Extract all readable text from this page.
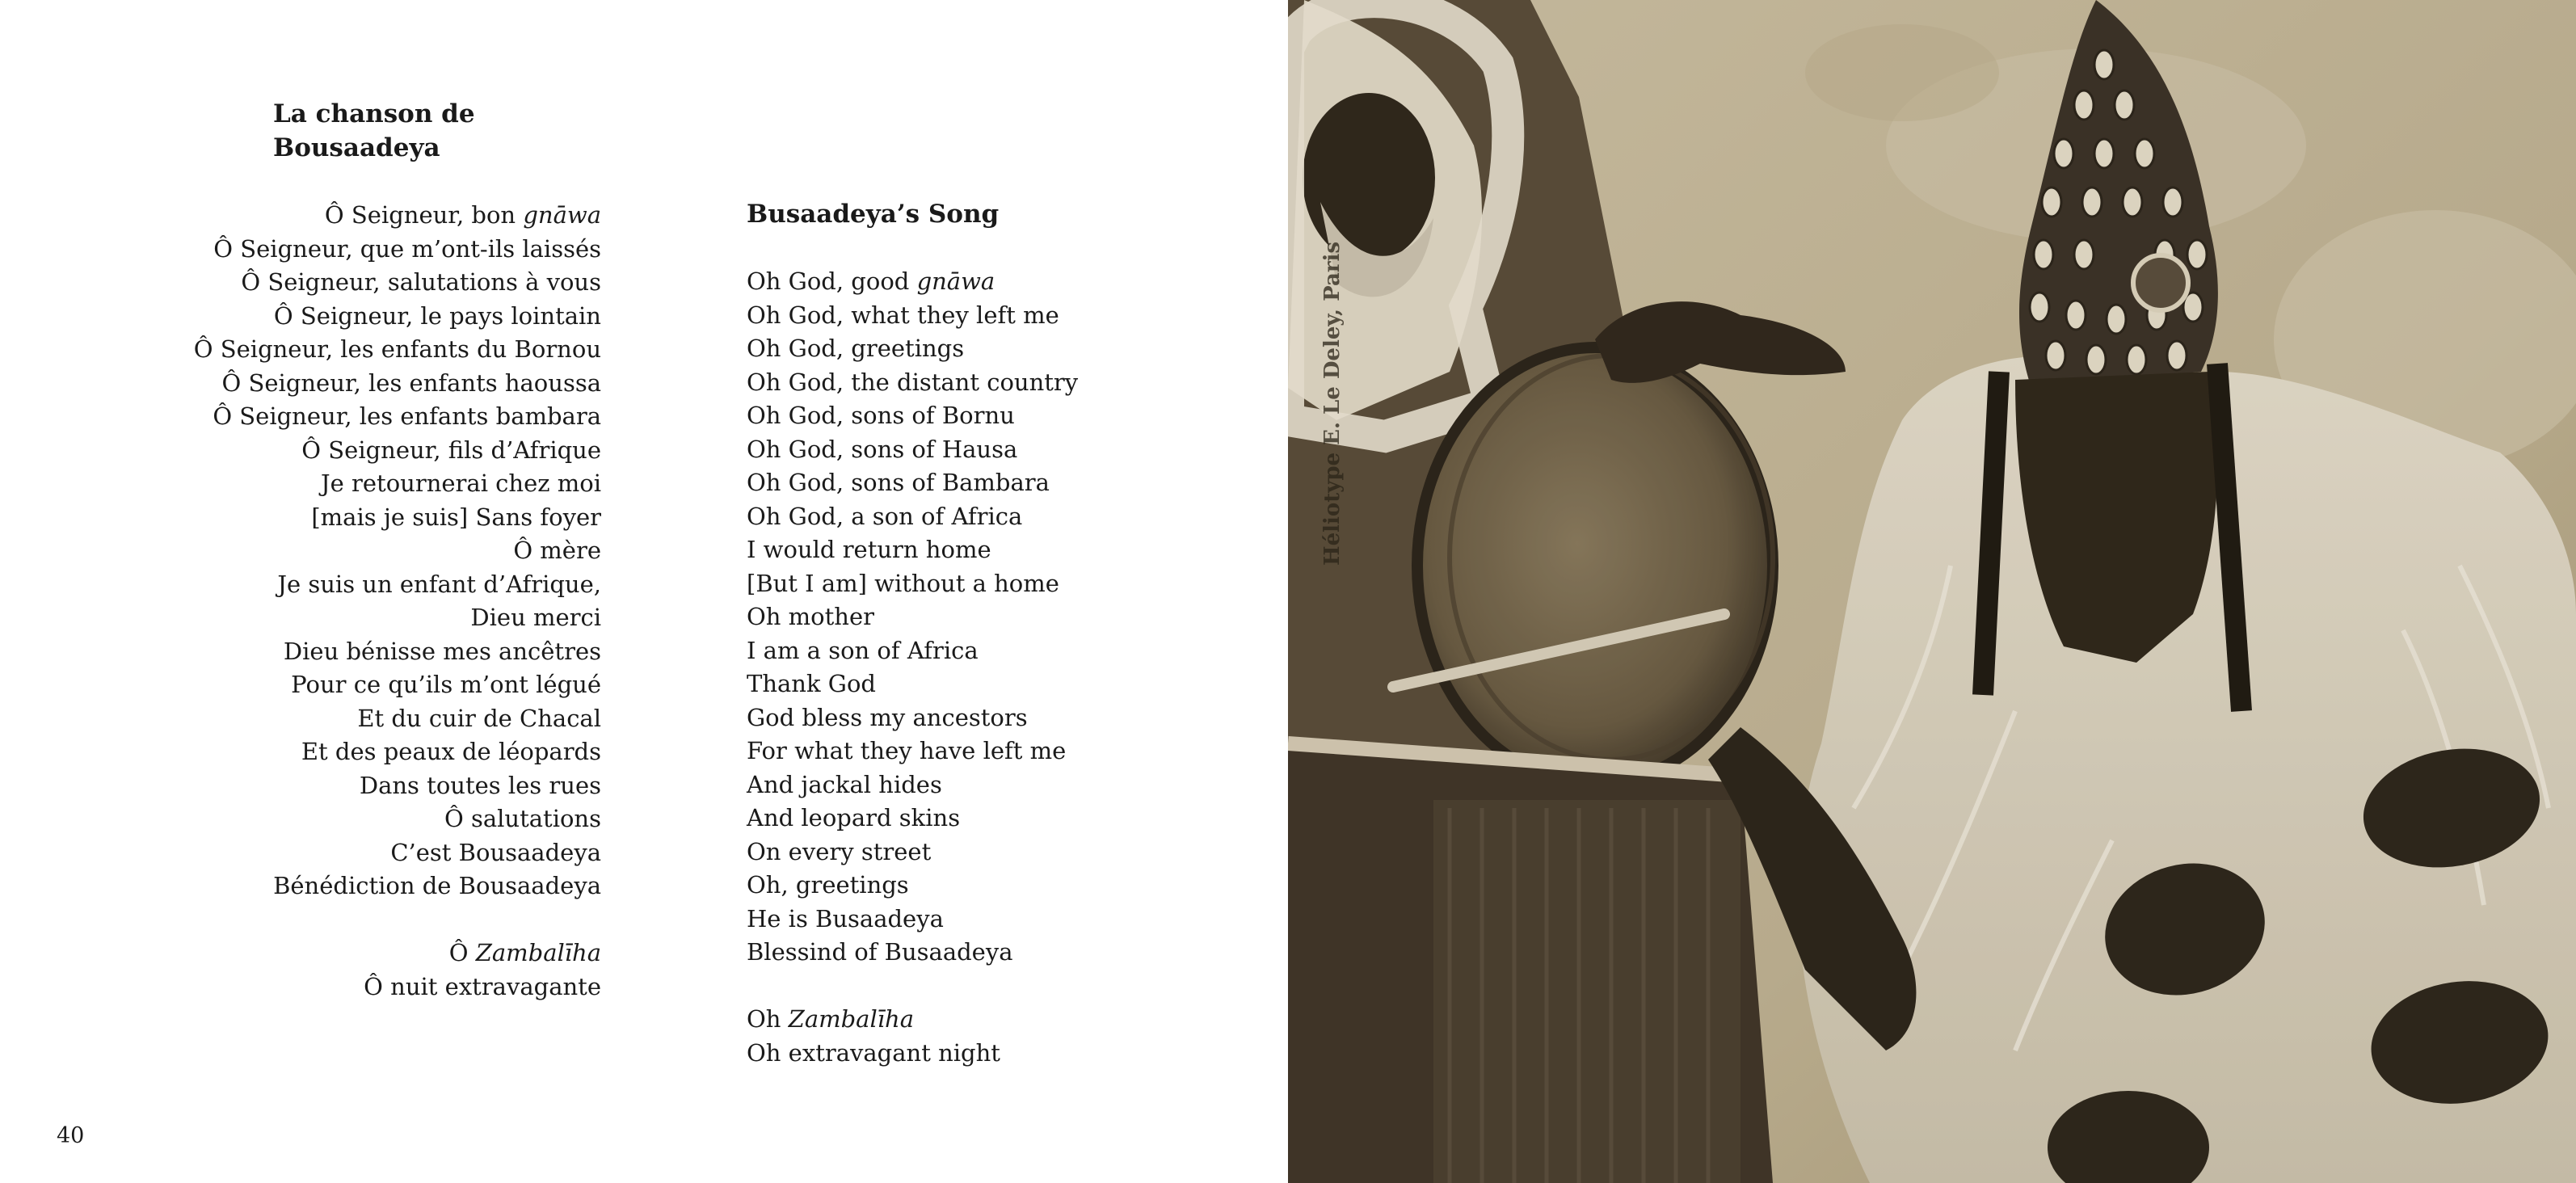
La chanson de Bousaadeya
Ô Seigneur, bon gnāwa
Ô Seigneur, que m’ont-ils laissés
Ô Seigneur, salutations à vous
Ô Seigneur, le pays lointain
Ô Seigneur, les enfants du Bornou
Ô Seigneur, les enfants haoussa
Ô Seigneur, les enfants bambara
Ô Seigneur, fils d’Afrique
Je retournerai chez moi
[mais je suis] Sans foyer
Ô mère
Je suis un enfant d’Afrique,
Dieu merci
Dieu bénisse mes ancêtres
Pour ce qu’ils m’ont légué
Et du cuir de Chacal
Et des peaux de léopards
Dans toutes les rues
Ô salutations
C’est Bousaadeya
Bénédiction de Bousaadeya
Ô Zambalīha
Ô nuit extravagante
Busaadeya’s Song
Oh God, good gnāwa
Oh God, what they left me
Oh God, greetings
Oh God, the distant country
Oh God, sons of Bornu
Oh God, sons of Hausa
Oh God, sons of Bambara
Oh God, a son of Africa
I would return home
[But I am] without a home
Oh mother
I am a son of Africa
Thank God
God bless my ancestors
For what they have left me
And jackal hides
And leopard skins
On every street
Oh, greetings
He is Busaadeya
Blessind of Busaadeya
Oh Zambalīha
Oh extravagant night
40
Héliotype E. Le Deley, Paris
